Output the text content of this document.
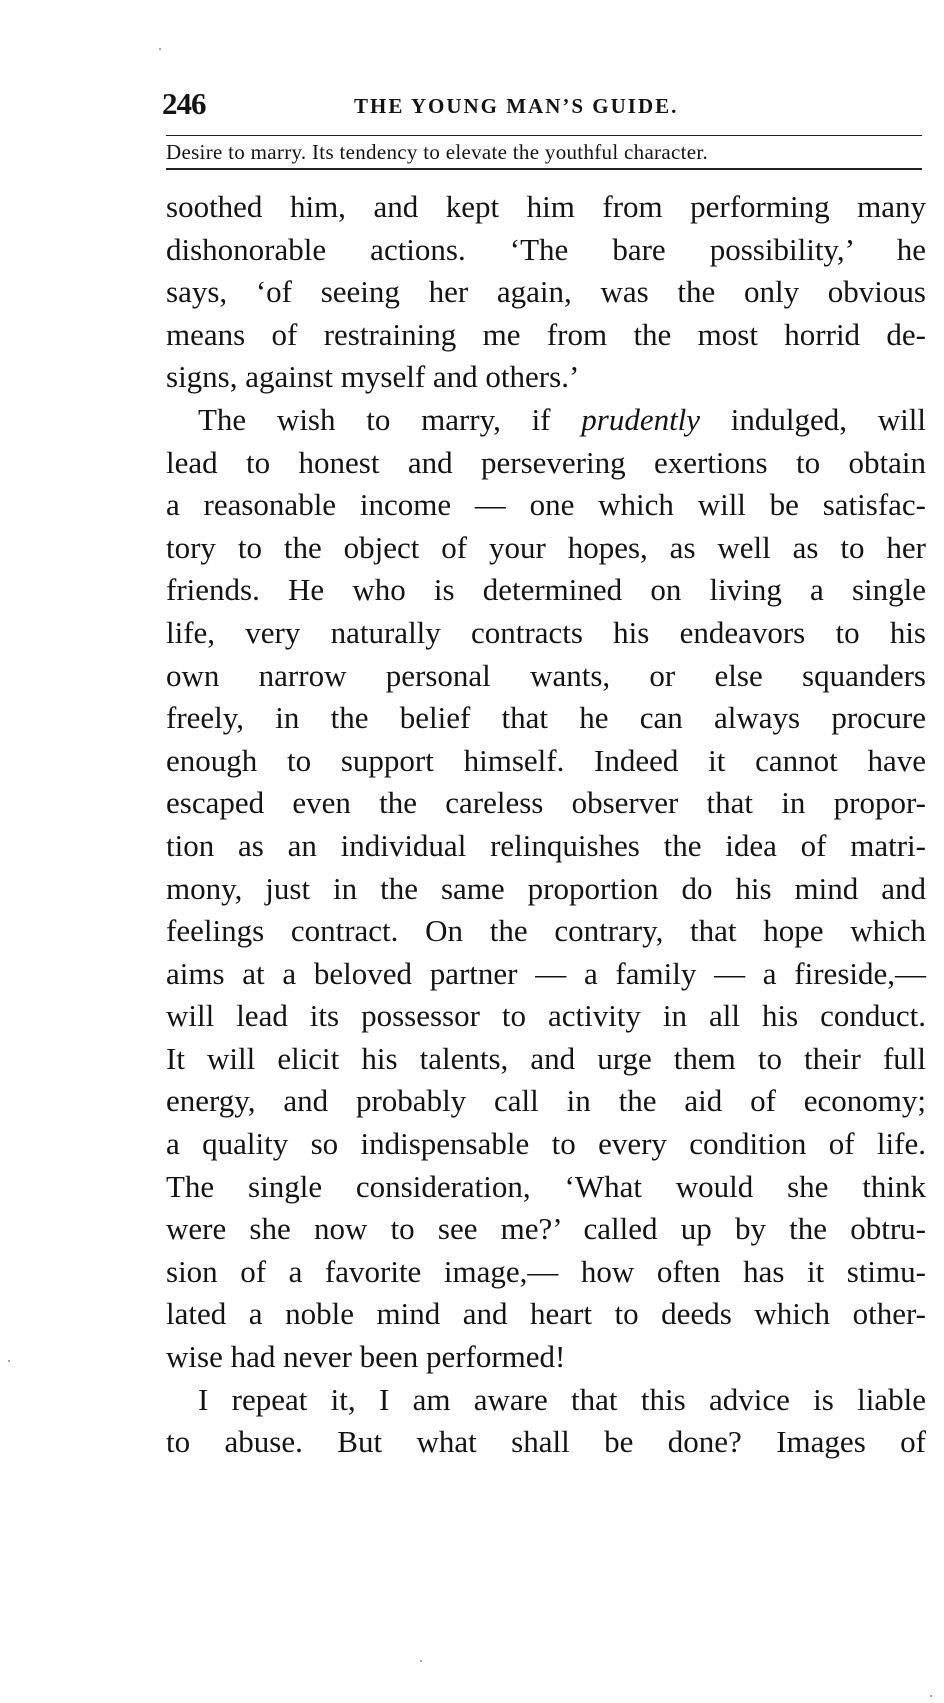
246	THE YOUNG MAN’S GUIDE.
Desire to marry. Its tendency to elevate the youthful character.
soothed him, and kept him from performing many
dishonorable actions. ‘The bare possibility,’ he
says, ‘of seeing her again, was the only obvious
means of restraining me from the most horrid de-
signs, against myself and others.’
The wish to marry, if prudently indulged, will
lead to honest and persevering exertions to obtain
a reasonable income — one which will be satisfac-
tory to the object of your hopes, as well as to her
friends. He who is determined on living a single
life, very naturally contracts his endeavors to his
own narrow personal wants, or else squanders
freely, in the belief that he can always procure
enough to support himself. Indeed it cannot have
escaped even the careless observer that in propor-
tion as an individual relinquishes the idea of matri-
mony, just in the same proportion do his mind and
feelings contract. On the contrary, that hope which
aims at a beloved partner — a family — a fireside,—
will lead its possessor to activity in all his conduct.
It will elicit his talents, and urge them to their full
energy, and probably call in the aid of economy;
a quality so indispensable to every condition of life.
The single consideration, ‘What would she think
were she now to see me?’ called up by the obtru-
sion of a favorite image,— how often has it stimu-
lated a noble mind and heart to deeds which other-
wise had never been performed!
I repeat it, I am aware that this advice is liable
to abuse. But what shall be done? Images of
